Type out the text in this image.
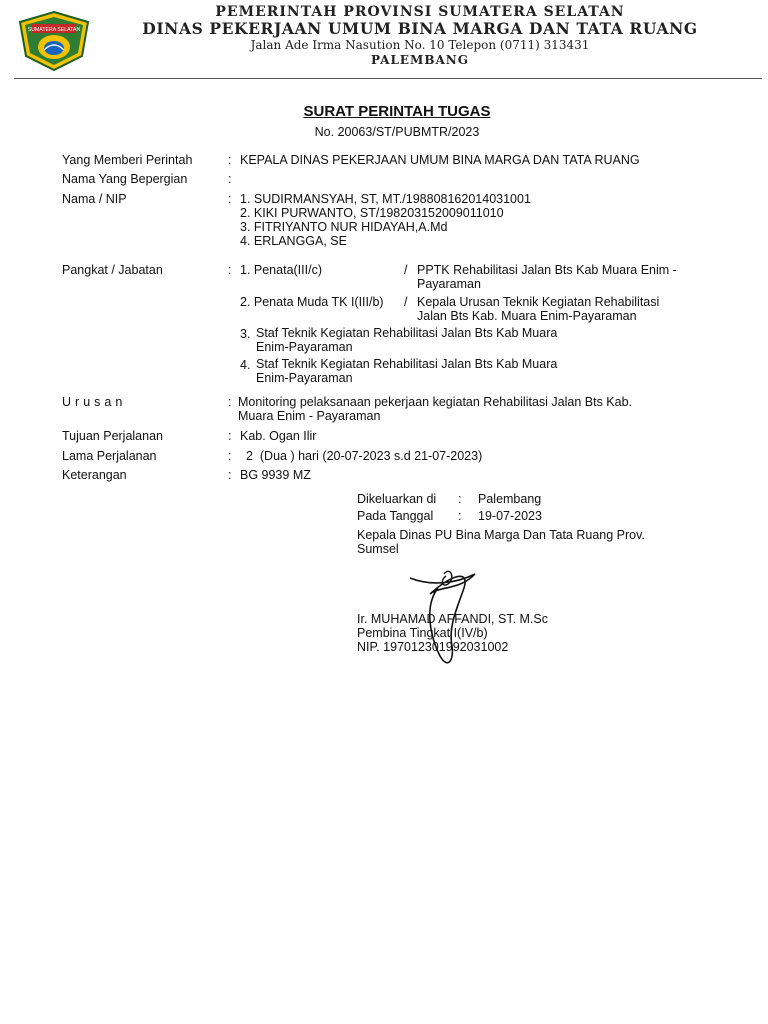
SUMATERA SELATAN
PEMERINTAH PROVINSI SUMATERA SELATAN
DINAS PEKERJAAN UMUM BINA MARGA DAN TATA RUANG
Jalan Ade Irma Nasution No. 10 Telepon (0711) 313431
PALEMBANG
SURAT PERINTAH TUGAS
No. 20063/ST/PUBMTR/2023
Yang Memberi Perintah	: KEPALA DINAS PEKERJAAN UMUM BINA MARGA DAN TATA RUANG
Nama Yang Bepergian	:
Nama / NIP	: 1. SUDIRMANSYAH, ST, MT./198808162014031001
2. KIKI PURWANTO, ST/198203152009011010
3. FITRIYANTO NUR HIDAYAH,A.Md
4. ERLANGGA, SE
Pangkat / Jabatan	: 1. Penata(III/c)	/ PPTK Rehabilitasi Jalan Bts Kab Muara Enim -
Payaraman
2. Penata Muda TK I(III/b) / Kepala Urusan Teknik Kegiatan Rehabilitasi
Jalan Bts Kab. Muara Enim-Payaraman
3. Staf Teknik Kegiatan Rehabilitasi Jalan Bts Kab Muara
Enim-Payaraman
4. Staf Teknik Kegiatan Rehabilitasi Jalan Bts Kab Muara
Enim-Payaraman
Urusan	: Monitoring pelaksanaan pekerjaan kegiatan Rehabilitasi Jalan Bts Kab.
Muara Enim - Payaraman
Tujuan Perjalanan	: Kab. Ogan Ilir
Lama Perjalanan	: 2  (Dua ) hari (20-07-2023 s.d 21-07-2023)
Keterangan	: BG 9939 MZ
Dikeluarkan di : Palembang
Pada Tanggal : 19-07-2023
Kepala Dinas PU Bina Marga Dan Tata Ruang Prov.
Sumsel
Ir. MUHAMAD AFFANDI, ST. M.Sc
Pembina Tingkat I(IV/b)
NIP. 197012301992031002
